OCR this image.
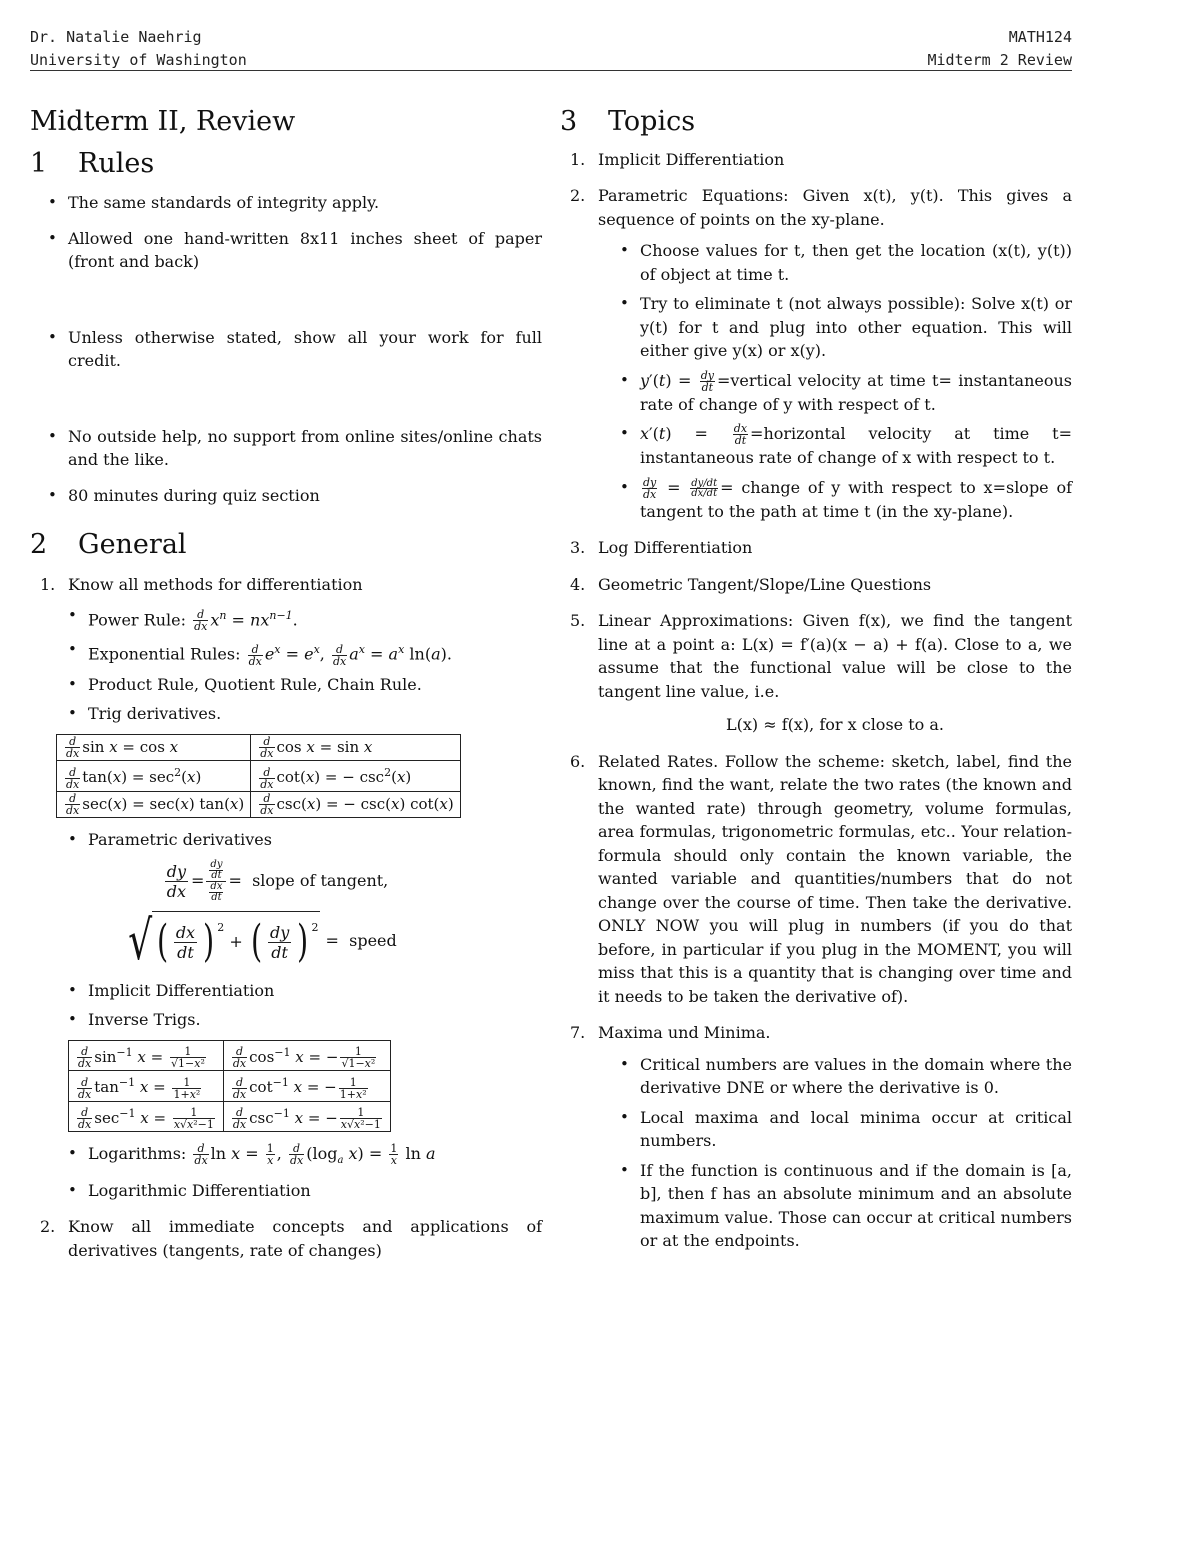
Dr. Natalie Naehrig
University of Washington
MATH124
Midterm 2 Review
Midterm II, Review
1	Rules
• The same standards of integrity apply.
• Allowed one hand-written 8x11 inches sheet of paper (front and back)
• Unless otherwise stated, show all your work for full credit.
• No outside help, no support from online sites/online chats and the like.
• 80 minutes during quiz section
2	General
1. Know all methods for differentiation
• Power Rule: $\frac{d}{dx} x^n = nx^{n-1}$.
• Exponential Rules: $\frac{d}{dx} e^x = e^x$, $\frac{d}{dx} a^x = a^x$ ln(a).
• Product Rule, Quotient Rule, Chain Rule.
• Trig derivatives.
$\frac{d}{dx}$ sin x = cos x	$\frac{d}{dx}$ cos x = sin x

$\frac{d}{dx} \tan(x) = \sec^2(x)$	$\frac{d}{dx} \cot(x)$ = − $\csc^2(x)$

$\frac{d}{dx} \sec(x) = \sec(x)$ tan(x)	$\frac{d}{dx} \csc(x)$ = − csc(x) cot(x)
• Parametric derivatives
dy
dx
= $\frac{\frac{dy}{dt}}{\frac{dx}{dt}}$ = slope of tangent,
√ ( dx
dt ) $^2$
+ ( dy
dt ) $^2$
= speed
• Implicit Differentiation
• Inverse Trigs.
$\frac{d}{dx} \sin^{-1} x = \frac{1}{\text{√1−x²}}$	$\frac{d}{dx} \cos^{-1} x$ = − $\frac{1}{\text{√1−x²}}$

$\frac{d}{dx} \tan^{-1} x = \frac{1}{\text{1+x²}}$	$\frac{d}{dx} \cot^{-1} x$ = − $\frac{1}{\text{1+x²}}$

$\frac{d}{dx} \sec^{-1} x = \frac{1}{\text{x√x²−1}}$	$\frac{d}{dx} \csc^{-1} x$ = − $\frac{1}{\text{x√x²−1}}$
• Logarithms: $\frac{d}{dx}$ $\ln x = \frac{1}{x}$ , $\frac{d}{dx} (\log_a$ $x) = \frac{1}{x}$ ln a
• Logarithmic Differentiation
2. Know all immediate concepts and applications of derivatives (tangents, rate of changes)
3	Topics
1. Implicit Differentiation
2. Parametric Equations: Given x(t), y(t). This gives a sequence of points on the xy-plane.
• Choose values for t, then get the location (x(t), y(t)) of object at time t.
• Try to eliminate t (not always possible): Solve x(t) or y(t) for t and plug into other equation. This will either give y(x) or x(y).
• $y'(t) = \frac{dy}{dt}$ =vertical velocity at time t= instantaneous rate of change of y with respect of t.
• $x'(t) = \frac{dx}{dt}$ =horizontal velocity at time t= instantaneous rate of change of x with respect to t.
• $\frac{dy}{dx} = \frac{dy/dt}{dx/dt}$ = change of y with respect to x=slope of tangent to the path at time t (in the xy-plane).
3. Log Differentiation
4. Geometric Tangent/Slope/Line Questions
5. Linear Approximations: Given f(x), we find the tangent line at a point a: L(x) = f′(a)(x − a) + f(a). Close to a, we assume that the functional value will be close to the tangent line value, i.e.
L(x) ≈ f(x), for x close to a.
6. Related Rates. Follow the scheme: sketch, label, find the known, find the want, relate the two rates (the known and the wanted rate) through geometry, volume formulas, area formulas, trigonometric formulas, etc.. Your relation-formula should only contain the known variable, the wanted variable and quantities/numbers that do not change over the course of time. Then take the derivative. ONLY NOW you will plug in numbers (if you do that before, in particular if you plug in the MOMENT, you will miss that this is a quantity that is changing over time and it needs to be taken the derivative of).
7. Maxima und Minima.
• Critical numbers are values in the domain where the derivative DNE or where the derivative is 0.
• Local maxima and local minima occur at critical numbers.
• If the function is continuous and if the domain is [a, b], then f has an absolute minimum and an absolute maximum value. Those can occur at critical numbers or at the endpoints.
